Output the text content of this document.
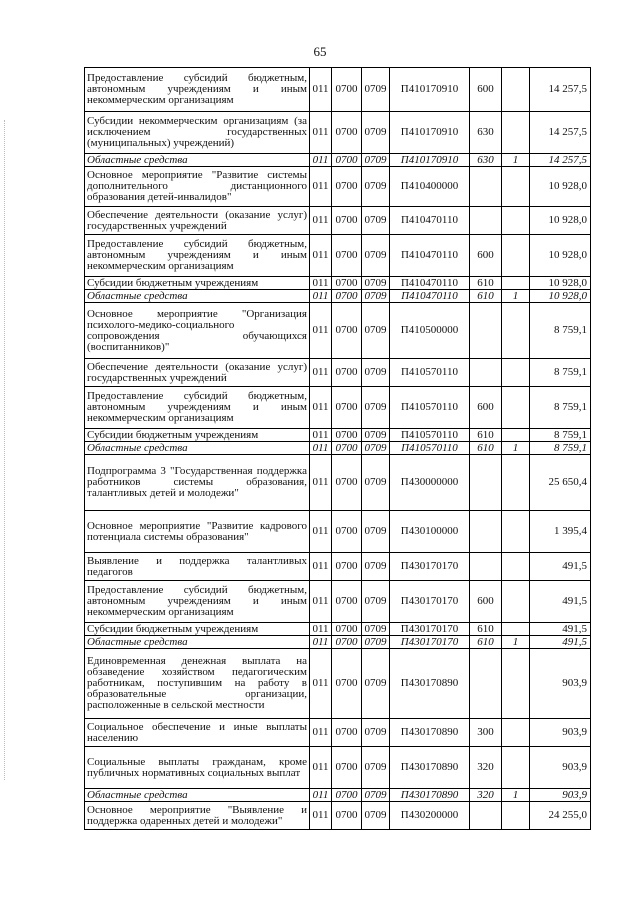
65
Предоставление субсидий бюджетным, автономным учреждениям и иным некоммерческим организациям	011	0700	0709	П410170910	600		14 257,5
Субсидии некоммерческим организациям (за исключением государственных (муниципальных) учреждений)	011	0700	0709	П410170910	630		14 257,5
Областные средства	011	0700	0709	П410170910	630	1	14 257,5
Основное мероприятие "Развитие системы дополнительного дистанционного образования детей-инвалидов"	011	0700	0709	П410400000			10 928,0
Обеспечение деятельности (оказание услуг) государственных учреждений	011	0700	0709	П410470110			10 928,0
Предоставление субсидий бюджетным, автономным учреждениям и иным некоммерческим организациям	011	0700	0709	П410470110	600		10 928,0
Субсидии бюджетным учреждениям	011	0700	0709	П410470110	610		10 928,0
Областные средства	011	0700	0709	П410470110	610	1	10 928,0
Основное мероприятие "Организация психолого-медико-социального сопровождения обучающихся (воспитанников)"	011	0700	0709	П410500000			8 759,1
Обеспечение деятельности (оказание услуг) государственных учреждений	011	0700	0709	П410570110			8 759,1
Предоставление субсидий бюджетным, автономным учреждениям и иным некоммерческим организациям	011	0700	0709	П410570110	600		8 759,1
Субсидии бюджетным учреждениям	011	0700	0709	П410570110	610		8 759,1
Областные средства	011	0700	0709	П410570110	610	1	8 759,1
Подпрограмма 3 "Государственная поддержка работников системы образования, талантливых детей и молодежи"	011	0700	0709	П430000000			25 650,4
Основное мероприятие "Развитие кадрового потенциала системы образования"	011	0700	0709	П430100000			1 395,4
Выявление и поддержка талантливых педагогов	011	0700	0709	П430170170			491,5
Предоставление субсидий бюджетным, автономным учреждениям и иным некоммерческим организациям	011	0700	0709	П430170170	600		491,5
Субсидии бюджетным учреждениям	011	0700	0709	П430170170	610		491,5
Областные средства	011	0700	0709	П430170170	610	1	491,5
Единовременная денежная выплата на обзаведение хозяйством педагогическим работникам, поступившим на работу в образовательные организации, расположенные в сельской местности	011	0700	0709	П430170890			903,9
Социальное обеспечение и иные выплаты населению	011	0700	0709	П430170890	300		903,9
Социальные выплаты гражданам, кроме публичных нормативных социальных выплат	011	0700	0709	П430170890	320		903,9
Областные средства	011	0700	0709	П430170890	320	1	903,9
Основное мероприятие "Выявление и поддержка одаренных детей и молодежи"	011	0700	0709	П430200000			24 255,0
